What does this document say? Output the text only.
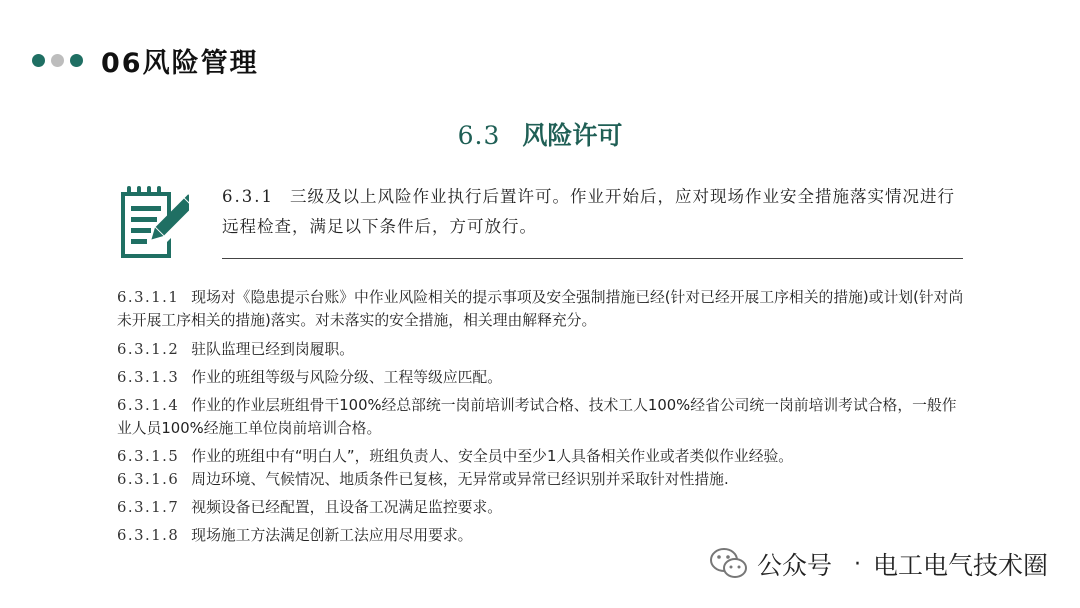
06风险管理
6.3 风险许可
6.3.1 三级及以上风险作业执行后置许可。作业开始后，应对现场作业安全措施落实情况进行远程检查，满足以下条件后，方可放行。
6.3.1.1 现场对《隐患提示台账》中作业风险相关的提示事项及安全强制措施已经(针对已经开展工序相关的措施)或计划(针对尚未开展工序相关的措施)落实。对未落实的安全措施，相关理由解释充分。
6.3.1.2 驻队监理已经到岗履职。
6.3.1.3 作业的班组等级与风险分级、工程等级应匹配。
6.3.1.4 作业的作业层班组骨干100%经总部统一岗前培训考试合格、技术工人100%经省公司统一岗前培训考试合格，一般作业人员100%经施工单位岗前培训合格。
6.3.1.5 作业的班组中有“明白人”，班组负责人、安全员中至少1人具备相关作业或者类似作业经验。
6.3.1.6 周边环境、气候情况、地质条件已复核，无异常或异常已经识别并采取针对性措施.
6.3.1.7 视频设备已经配置，且设备工况满足监控要求。
6.3.1.8 现场施工方法满足创新工法应用尽用要求。
公众号 · 电工电气技术圈
